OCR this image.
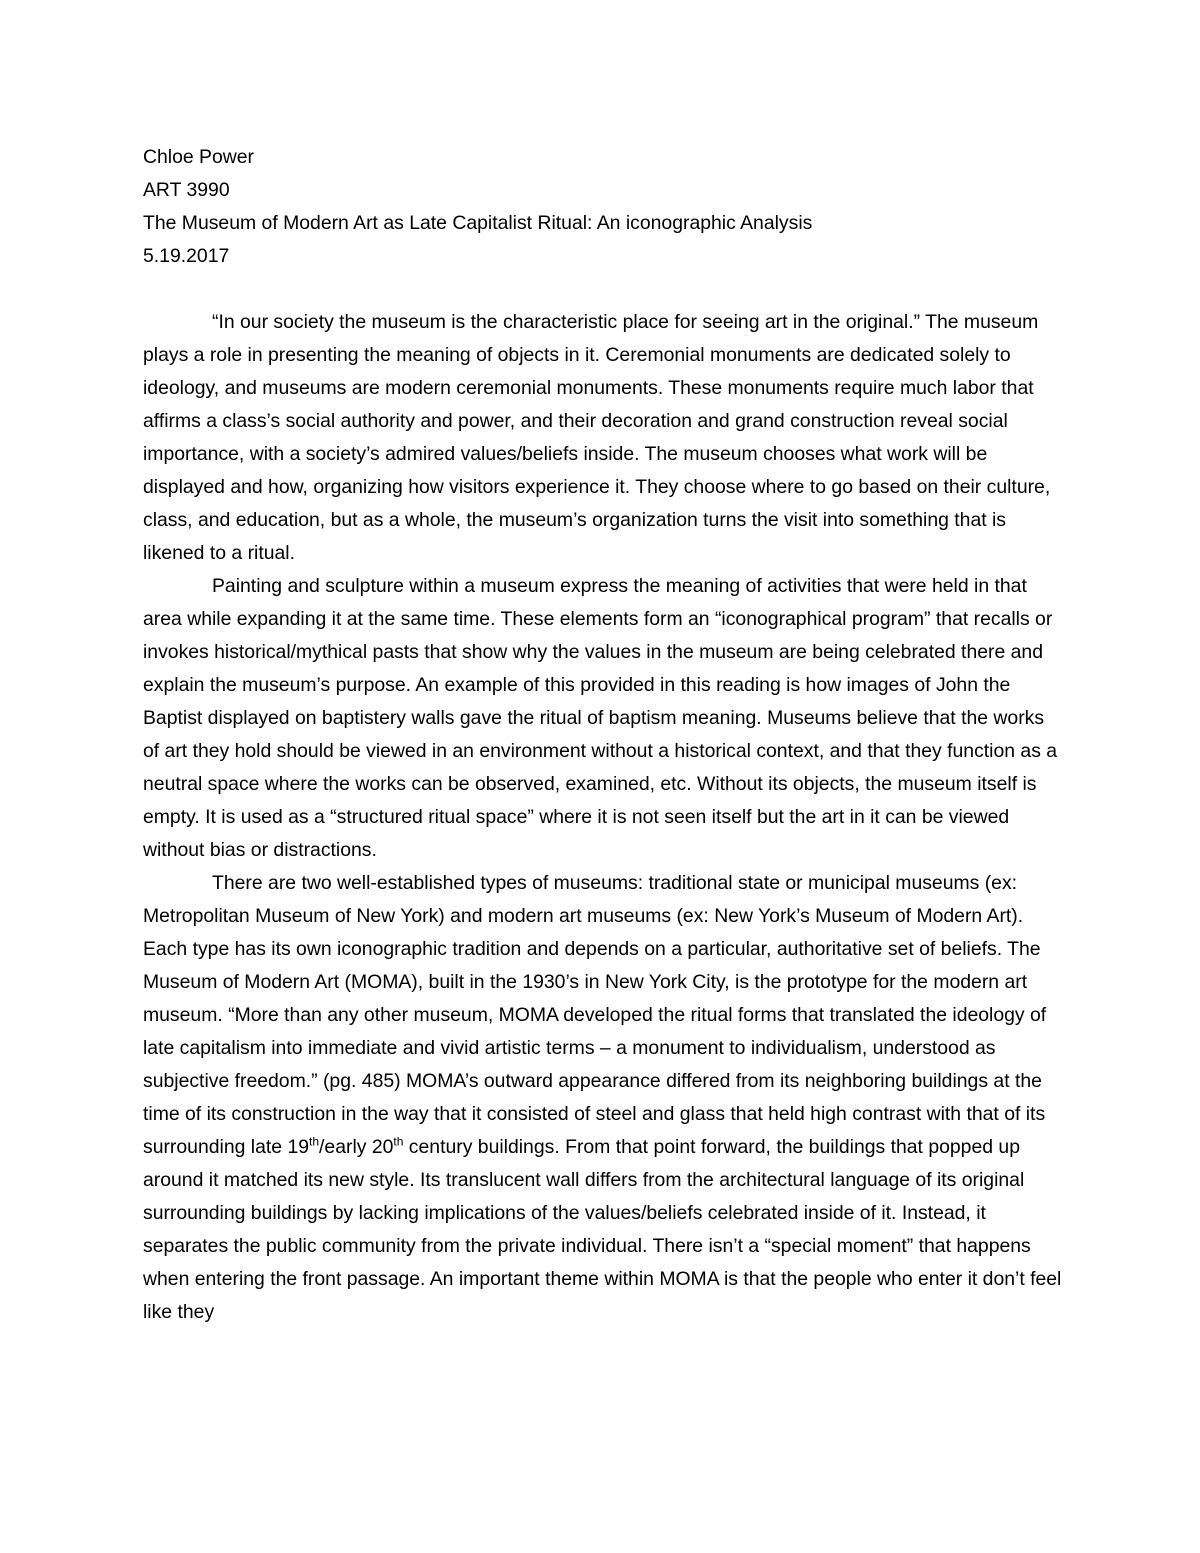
Chloe Power

ART 3990

The Museum of Modern Art as Late Capitalist Ritual: An iconographic Analysis

5.19.2017

“In our society the museum is the characteristic place for seeing art in the original.” The museum plays a role in presenting the meaning of objects in it. Ceremonial monuments are dedicated solely to ideology, and museums are modern ceremonial monuments. These monuments require much labor that affirms a class’s social authority and power, and their decoration and grand construction reveal social importance, with a society’s admired values/beliefs inside. The museum chooses what work will be displayed and how, organizing how visitors experience it. They choose where to go based on their culture, class, and education, but as a whole, the museum’s organization turns the visit into something that is likened to a ritual.

Painting and sculpture within a museum express the meaning of activities that were held in that area while expanding it at the same time. These elements form an “iconographical program” that recalls or invokes historical/mythical pasts that show why the values in the museum are being celebrated there and explain the museum’s purpose. An example of this provided in this reading is how images of John the Baptist displayed on baptistery walls gave the ritual of baptism meaning. Museums believe that the works of art they hold should be viewed in an environment without a historical context, and that they function as a neutral space where the works can be observed, examined, etc. Without its objects, the museum itself is empty. It is used as a “structured ritual space” where it is not seen itself but the art in it can be viewed without bias or distractions.

There are two well-established types of museums: traditional state or municipal museums (ex: Metropolitan Museum of New York) and modern art museums (ex: New York’s Museum of Modern Art). Each type has its own iconographic tradition and depends on a particular, authoritative set of beliefs. The Museum of Modern Art (MOMA), built in the 1930’s in New York City, is the prototype for the modern art museum. “More than any other museum, MOMA developed the ritual forms that translated the ideology of late capitalism into immediate and vivid artistic terms – a monument to individualism, understood as subjective freedom.” (pg. 485) MOMA’s outward appearance differed from its neighboring buildings at the time of its construction in the way that it consisted of steel and glass that held high contrast with that of its surrounding late 19th/early 20th century buildings. From that point forward, the buildings that popped up around it matched its new style. Its translucent wall differs from the architectural language of its original surrounding buildings by lacking implications of the values/beliefs celebrated inside of it. Instead, it separates the public community from the private individual. There isn’t a “special moment” that happens when entering the front passage. An important theme within MOMA is that the people who enter it don’t feel like they
